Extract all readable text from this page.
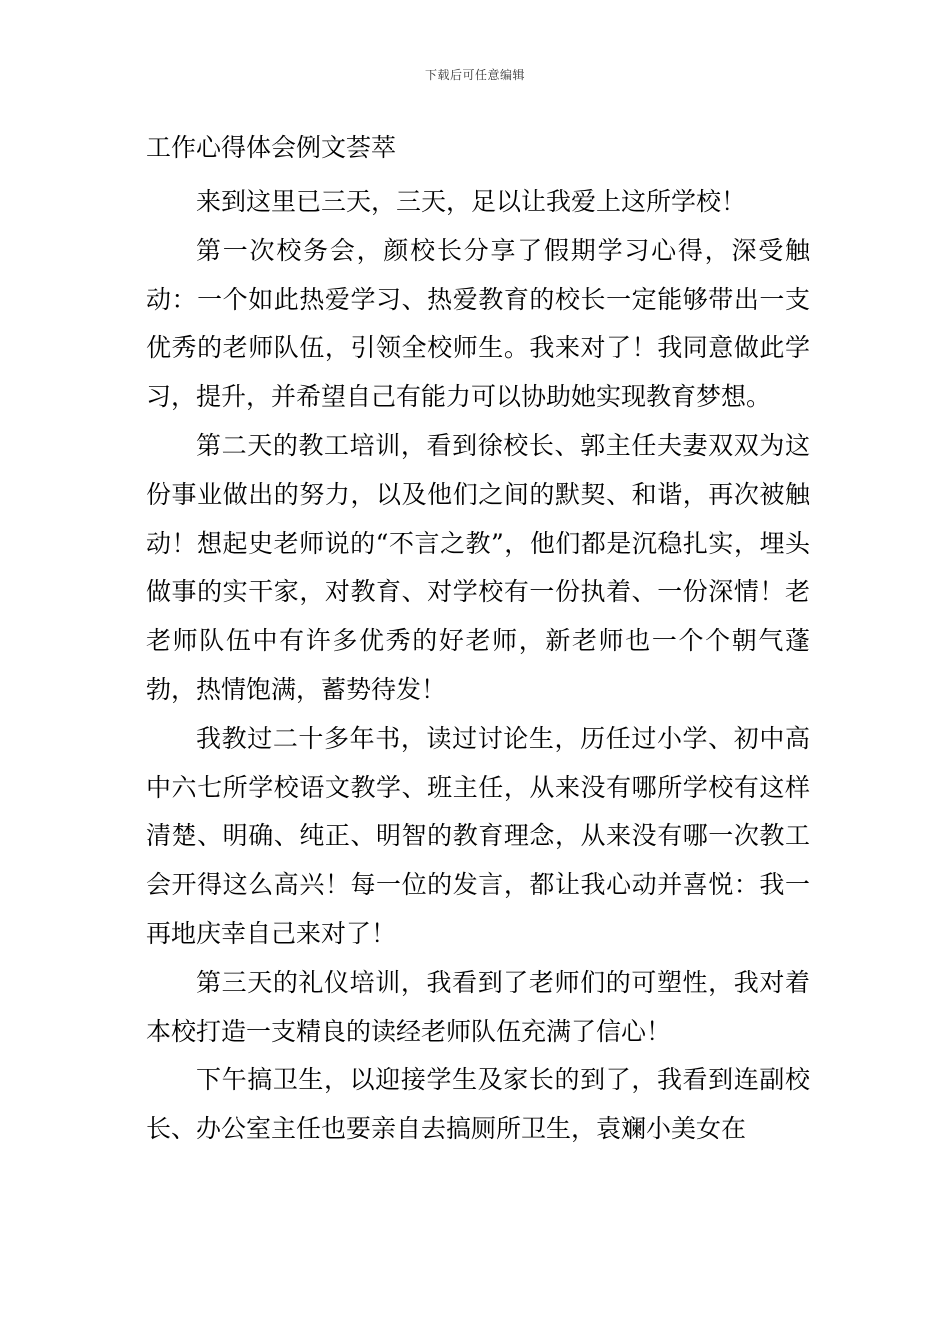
下载后可任意编辑
工作心得体会例文荟萃

来到这里已三天，三天，足以让我爱上这所学校！

第一次校务会，颜校长分享了假期学习心得，深受触动：一个如此热爱学习、热爱教育的校长一定能够带出一支优秀的老师队伍，引领全校师生。我来对了！我同意做此学习，提升，并希望自己有能力可以协助她实现教育梦想。

第二天的教工培训，看到徐校长、郭主任夫妻双双为这份事业做出的努力，以及他们之间的默契、和谐，再次被触动！想起史老师说的“不言之教”，他们都是沉稳扎实，埋头做事的实干家，对教育、对学校有一份执着、一份深情！老老师队伍中有许多优秀的好老师，新老师也一个个朝气蓬勃，热情饱满，蓄势待发！

我教过二十多年书，读过讨论生，历任过小学、初中高中六七所学校语文教学、班主任，从来没有哪所学校有这样清楚、明确、纯正、明智的教育理念，从来没有哪一次教工会开得这么高兴！每一位的发言，都让我心动并喜悦：我一再地庆幸自己来对了！

第三天的礼仪培训，我看到了老师们的可塑性，我对着本校打造一支精良的读经老师队伍充满了信心！

下午搞卫生，以迎接学生及家长的到了，我看到连副校长、办公室主任也要亲自去搞厕所卫生，袁斓小美女在
